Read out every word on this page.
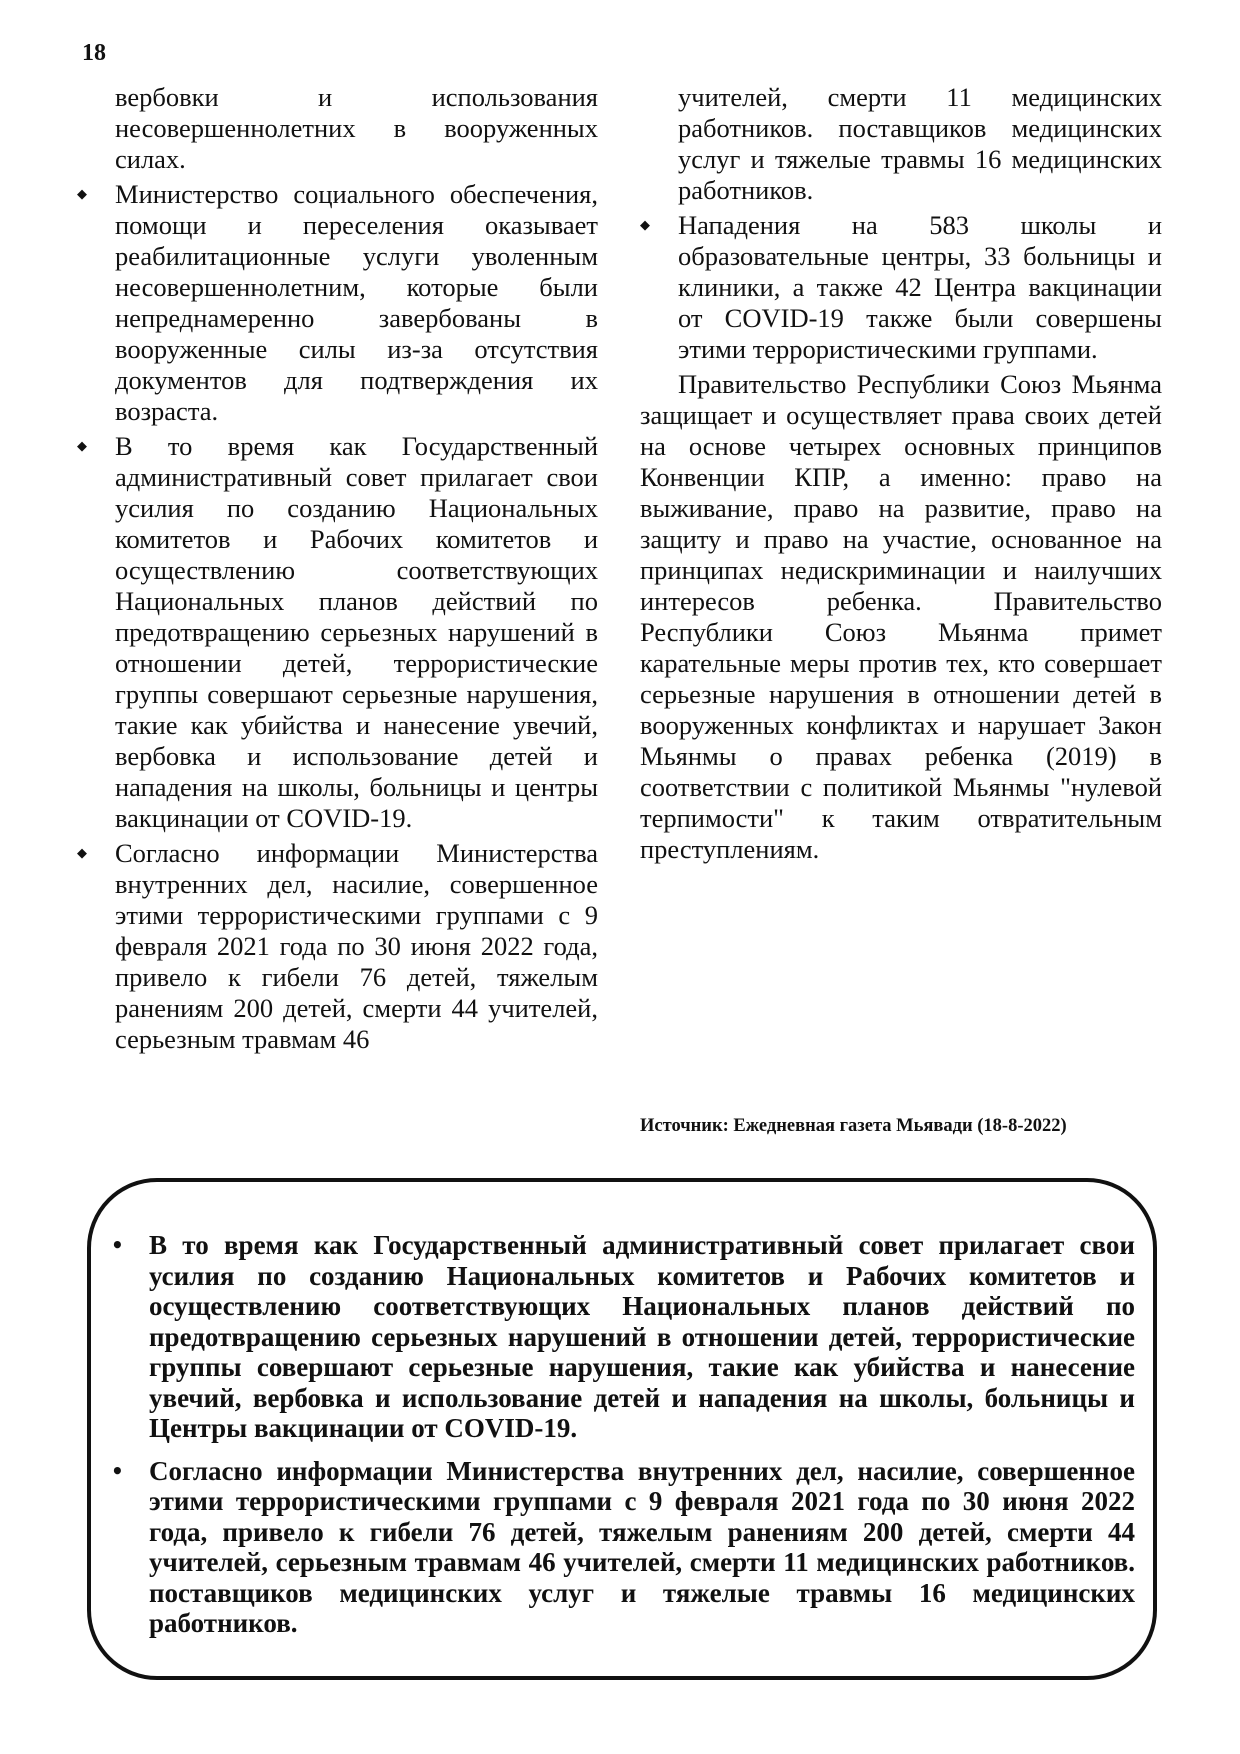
18
вербовки и использования несовершеннолетних в вооруженных силах.
◆	Министерство социального обеспечения, помощи и переселения оказывает реабилитационные услуги уволенным несовершеннолетним, которые были непреднамеренно завербованы в вооруженные силы из-за отсутствия документов для подтверждения их возраста.
◆	В то время как Государственный административный совет прилагает свои усилия по созданию Национальных комитетов и Рабочих комитетов и осуществлению соответствующих Национальных планов действий по предотвращению серьезных нарушений в отношении детей, террористические группы совершают серьезные нарушения, такие как убийства и нанесение увечий, вербовка и использование детей и нападения на школы, больницы и центры вакцинации от COVID-19.
◆	Согласно информации Министерства внутренних дел, насилие, совершенное этими террористическими группами с 9 февраля 2021 года по 30 июня 2022 года, привело к гибели 76 детей, тяжелым ранениям 200 детей, смерти 44 учителей, серьезным травмам 46
учителей, смерти 11 медицинских работников. поставщиков медицинских услуг и тяжелые травмы 16 медицинских работников.
◆	Нападения на 583 школы и образовательные центры, 33 больницы и клиники, а также 42 Центра вакцинации от COVID-19 также были совершены этими террористическими группами.

Правительство Республики Союз Мьянма защищает и осуществляет права своих детей на основе четырех основных принципов Конвенции КПР, а именно: право на выживание, право на развитие, право на защиту и право на участие, основанное на принципах недискриминации и наилучших интересов ребенка. Правительство Республики Союз Мьянма примет карательные меры против тех, кто совершает серьезные нарушения в отношении детей в вооруженных конфликтах и нарушает Закон Мьянмы о правах ребенка (2019) в соответствии с политикой Мьянмы "нулевой терпимости" к таким отвратительным преступлениям.

Источник: Ежедневная газета Мьявади (18-8-2022)
• В то время как Государственный административный совет прилагает свои усилия по созданию Национальных комитетов и Рабочих комитетов и осуществлению соответствующих Национальных планов действий по предотвращению серьезных нарушений в отношении детей, террористические группы совершают серьезные нарушения, такие как убийства и нанесение увечий, вербовка и использование детей и нападения на школы, больницы и Центры вакцинации от COVID-19.
• Согласно информации Министерства внутренних дел, насилие, совершенное этими террористическими группами с 9 февраля 2021 года по 30 июня 2022 года, привело к гибели 76 детей, тяжелым ранениям 200 детей, смерти 44 учителей, серьезным травмам 46 учителей, смерти 11 медицинских работников. поставщиков медицинских услуг и тяжелые травмы 16 медицинских работников.
